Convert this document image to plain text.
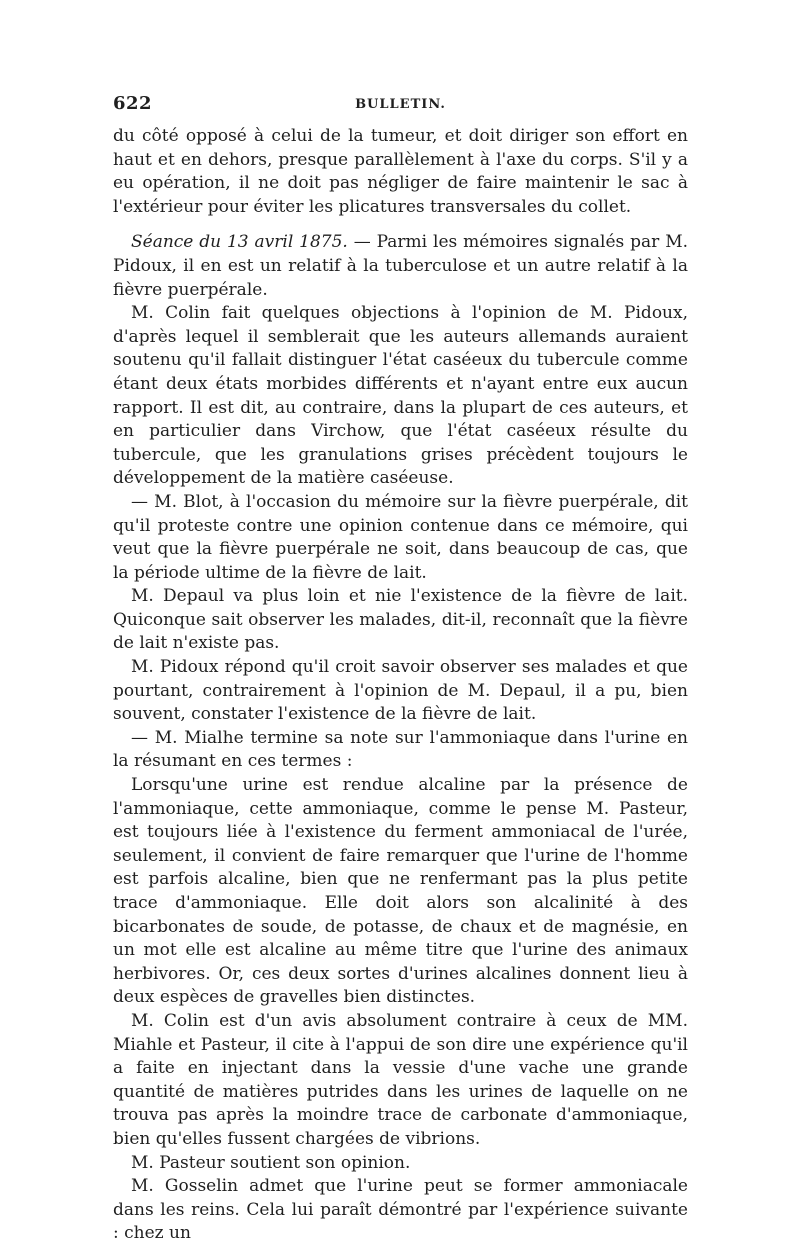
622	BULLETIN.

du côté opposé à celui de la tumeur, et doit diriger son effort en haut et en dehors, presque parallèlement à l'axe du corps. S'il y a eu opération, il ne doit pas négliger de faire maintenir le sac à l'extérieur pour éviter les plicatures transversales du collet.

Séance du 13 avril 1875. — Parmi les mémoires signalés par M. Pidoux, il en est un relatif à la tuberculose et un autre relatif à la fièvre puerpérale.

M. Colin fait quelques objections à l'opinion de M. Pidoux, d'après lequel il semblerait que les auteurs allemands auraient soutenu qu'il fallait distinguer l'état caséeux du tubercule comme étant deux états morbides différents et n'ayant entre eux aucun rapport. Il est dit, au contraire, dans la plupart de ces auteurs, et en particulier dans Virchow, que l'état caséeux résulte du tubercule, que les granulations grises précèdent toujours le développement de la matière caséeuse.

— M. Blot, à l'occasion du mémoire sur la fièvre puerpérale, dit qu'il proteste contre une opinion contenue dans ce mémoire, qui veut que la fièvre puerpérale ne soit, dans beaucoup de cas, que la période ultime de la fièvre de lait.

M. Depaul va plus loin et nie l'existence de la fièvre de lait. Quiconque sait observer les malades, dit-il, reconnaît que la fièvre de lait n'existe pas.

M. Pidoux répond qu'il croit savoir observer ses malades et que pourtant, contrairement à l'opinion de M. Depaul, il a pu, bien souvent, constater l'existence de la fièvre de lait.

— M. Mialhe termine sa note sur l'ammoniaque dans l'urine en la résumant en ces termes :

Lorsqu'une urine est rendue alcaline par la présence de l'ammoniaque, cette ammoniaque, comme le pense M. Pasteur, est toujours liée à l'existence du ferment ammoniacal de l'urée, seulement, il convient de faire remarquer que l'urine de l'homme est parfois alcaline, bien que ne renfermant pas la plus petite trace d'ammoniaque. Elle doit alors son alcalinité à des bicarbonates de soude, de potasse, de chaux et de magnésie, en un mot elle est alcaline au même titre que l'urine des animaux herbivores. Or, ces deux sortes d'urines alcalines donnent lieu à deux espèces de gravelles bien distinctes.

M. Colin est d'un avis absolument contraire à ceux de MM. Miahle et Pasteur, il cite à l'appui de son dire une expérience qu'il a faite en injectant dans la vessie d'une vache une grande quantité de matières putrides dans les urines de laquelle on ne trouva pas après la moindre trace de carbonate d'ammoniaque, bien qu'elles fussent chargées de vibrions.

M. Pasteur soutient son opinion.

M. Gosselin admet que l'urine peut se former ammoniacale dans les reins. Cela lui paraît démontré par l'expérience suivante : chez un
